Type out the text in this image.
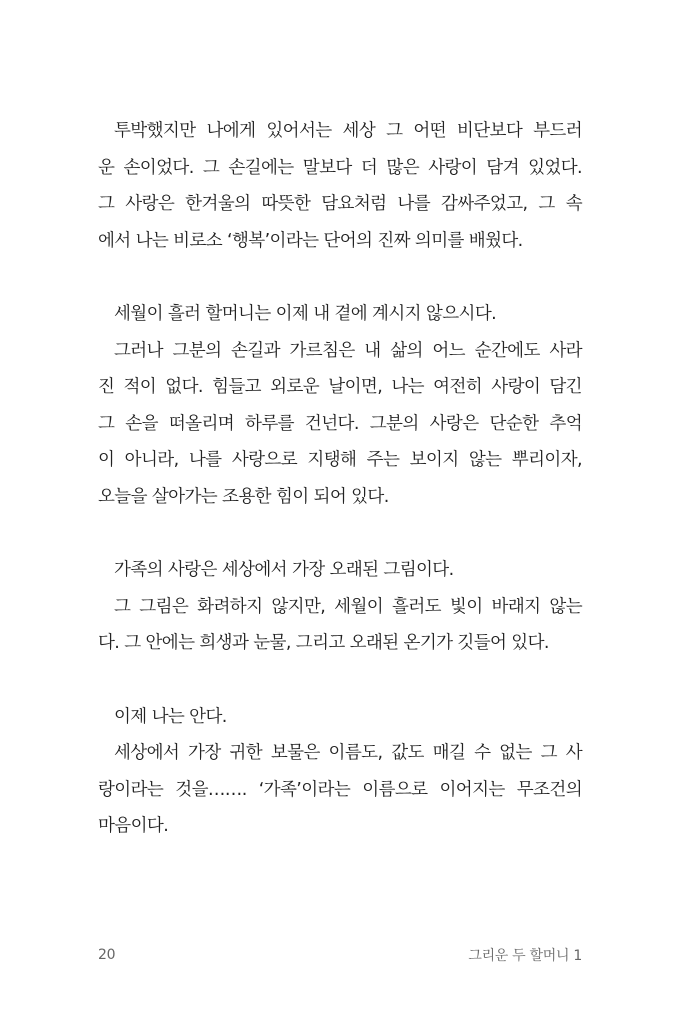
투박했지만 나에게 있어서는 세상 그 어떤 비단보다 부드러
운 손이었다. 그 손길에는 말보다 더 많은 사랑이 담겨 있었다.
그 사랑은 한겨울의 따뜻한 담요처럼 나를 감싸주었고, 그 속
에서 나는 비로소 ‘행복’이라는 단어의 진짜 의미를 배웠다.
세월이 흘러 할머니는 이제 내 곁에 계시지 않으시다.
그러나 그분의 손길과 가르침은 내 삶의 어느 순간에도 사라
진 적이 없다. 힘들고 외로운 날이면, 나는 여전히 사랑이 담긴
그 손을 떠올리며 하루를 건넌다. 그분의 사랑은 단순한 추억
이 아니라, 나를 사랑으로 지탱해 주는 보이지 않는 뿌리이자,
오늘을 살아가는 조용한 힘이 되어 있다.
가족의 사랑은 세상에서 가장 오래된 그림이다.
그 그림은 화려하지 않지만, 세월이 흘러도 빛이 바래지 않는
다. 그 안에는 희생과 눈물, 그리고 오래된 온기가 깃들어 있다.
이제 나는 안다.
세상에서 가장 귀한 보물은 이름도, 값도 매길 수 없는 그 사
랑이라는 것을……. ‘가족’이라는 이름으로 이어지는 무조건의
마음이다.
20	그리운 두 할머니 1
